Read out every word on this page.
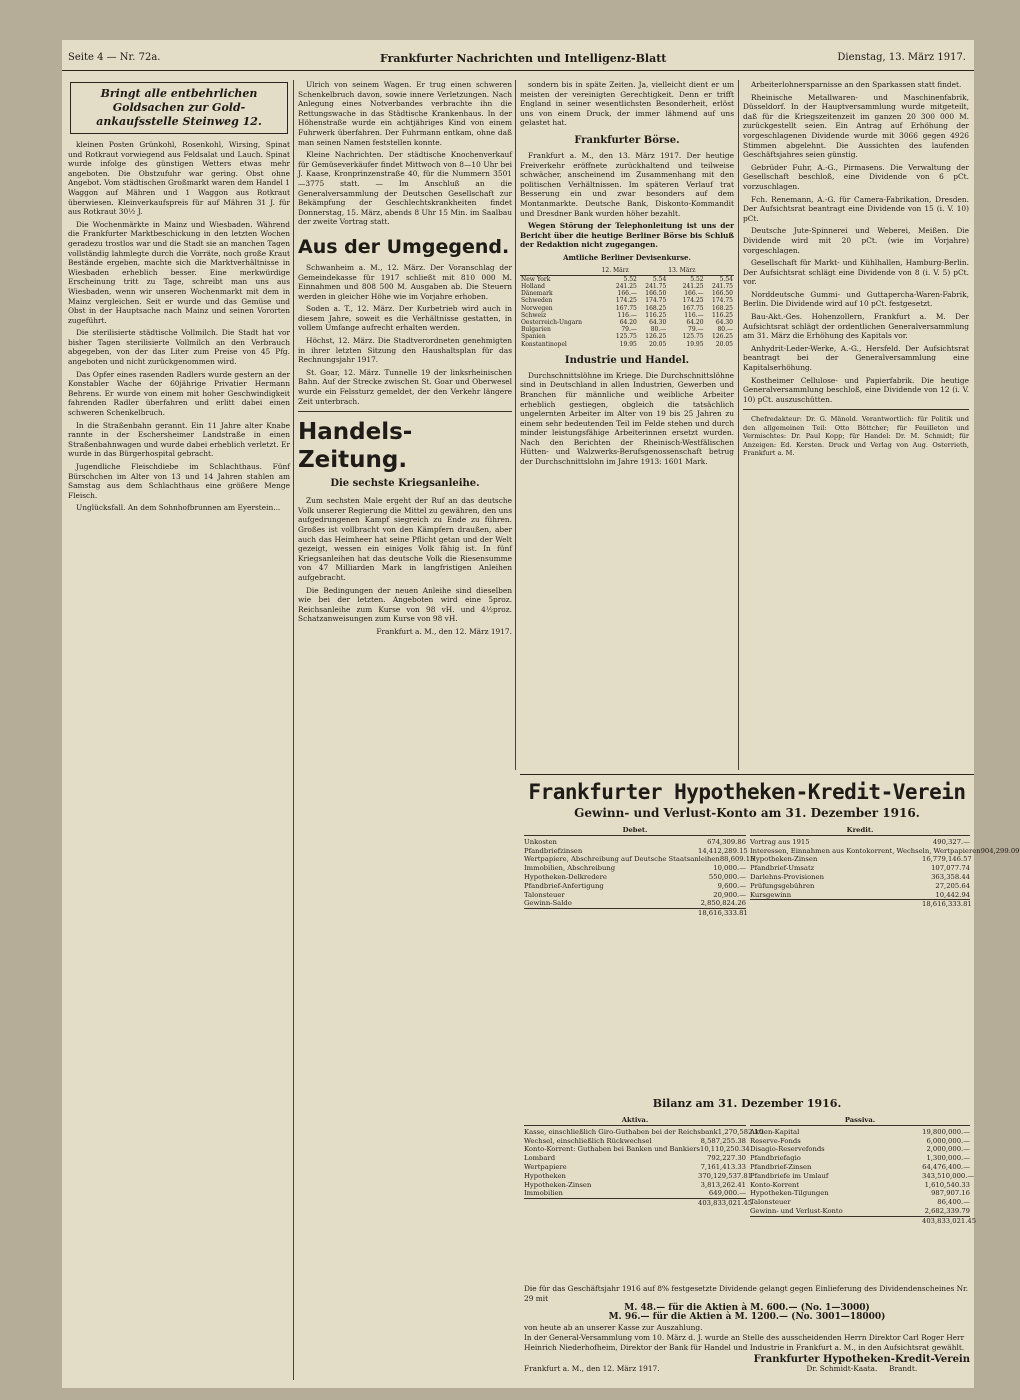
Seite 4 — Nr. 72a.	Frankfurter Nachrichten und Intelligenz-Blatt	Dienstag, 13. März 1917.
Bringt alle entbehrlichen Goldsachen zur Gold-ankaufsstelle Steinweg 12.

kleinen Posten Grünkohl, Rosenkohl, Wirsing, Spinat und Rotkraut vorwiegend aus Feldsalat und Lauch. Spinat wurde infolge des günstigen Wetters etwas mehr angeboten. Die Obstzufuhr war gering. Obst ohne Angebot. Vom städtischen Großmarkt waren dem Handel 1 Waggon auf Mähren und 1 Waggon aus Rotkraut überwiesen. Kleinverkaufspreis für auf Mähren 31 J. für aus Rotkraut 30½ J.

Die Wochenmärkte in Mainz und Wiesbaden. Während die Frankfurter Marktbeschickung in den letzten Wochen geradezu trostlos war und die Stadt sie an manchen Tagen vollständig lahmlegte durch die Vorräte, noch große Kraut Bestände ergeben, machte sich die Marktverhältnisse in Wiesbaden erheblich besser. Eine merkwürdige Erscheinung tritt zu Tage, schreibt man uns aus Wiesbaden, wenn wir unseren Wochenmarkt mit dem in Mainz vergleichen. Seit er wurde und das Gemüse und Obst in der Hauptsache nach Mainz und seinen Vororten zugeführt.

Die sterilisierte städtische Vollmilch. Die Stadt hat vor bisher Tagen sterilisierte Vollmilch an den Verbrauch abgegeben, von der das Liter zum Preise von 45 Pfg. angeboten und nicht zurückgenommen wird.

Das Opfer eines rasenden Radlers wurde gestern an der Konstabler Wache der 60jährige Privatier Hermann Behrens. Er wurde von einem mit hoher Geschwindigkeit fahrenden Radler überfahren und erlitt dabei einen schweren Schenkelbruch.

In die Straßenbahn gerannt. Ein 11 Jahre alter Knabe rannte in der Eschersheimer Landstraße in einen Straßenbahnwagen und wurde dabei erheblich verletzt. Er wurde in das Bürgerhospital gebracht.

Jugendliche Fleischdiebe im Schlachthaus. Fünf Bürschchen im Alter von 13 und 14 Jahren stahlen am Samstag aus dem Schlachthaus eine größere Menge Fleisch.

Unglücksfall. An dem Sohnhofbrunnen am Eyerstein...

Ulrich von seinem Wagen. Er trug einen schweren Schenkelbruch davon, sowie innere Verletzungen. Nach Anlegung eines Notverbandes verbrachte ihn die Rettungswache in das Städtische Krankenhaus. In der Höhenstraße wurde ein achtjähriges Kind von einem Fuhrwerk überfahren. Der Fuhrmann entkam, ohne daß man seinen Namen feststellen konnte.

Kleine Nachrichten. Der städtische Knochenverkauf für Gemüseverkäufer findet Mittwoch von 8—10 Uhr bei J. Kaase, Kronprinzenstraße 40, für die Nummern 3501—3775 statt. — Im Anschluß an die Generalversammlung der Deutschen Gesellschaft zur Bekämpfung der Geschlechtskrankheiten findet Donnerstag, 15. März, abends 8 Uhr 15 Min. im Saalbau der zweite Vortrag statt.

Aus der Umgegend.

Schwanheim a. M., 12. März. Der Voranschlag der Gemeindekasse für 1917 schließt mit 810 000 M. Einnahmen und 808 500 M. Ausgaben ab. Die Steuern werden in gleicher Höhe wie im Vorjahre erhoben.

Soden a. T., 12. März. Der Kurbetrieb wird auch in diesem Jahre, soweit es die Verhältnisse gestatten, in vollem Umfange aufrecht erhalten werden.

Höchst, 12. März. Die Stadtverordneten genehmigten in ihrer letzten Sitzung den Haushaltsplan für das Rechnungsjahr 1917.

St. Goar, 12. März. Tunnelle 19 der linksrheinischen Bahn. Auf der Strecke zwischen St. Goar und Oberwesel wurde ein Felssturz gemeldet, der den Verkehr längere Zeit unterbrach.

Handels-Zeitung.
Die sechste Kriegsanleihe.

Zum sechsten Male ergeht der Ruf an das deutsche Volk unserer Regierung die Mittel zu gewähren, den uns aufgedrungenen Kampf siegreich zu Ende zu führen. Großes ist vollbracht von den Kämpfern draußen, aber auch das Heimheer hat seine Pflicht getan und der Welt gezeigt, wessen ein einiges Volk fähig ist. In fünf Kriegsanleihen hat das deutsche Volk die Riesensumme von 47 Milliarden Mark in langfristigen Anleihen aufgebracht.

Die Bedingungen der neuen Anleihe sind dieselben wie bei der letzten. Angeboten wird eine 5proz. Reichsanleihe zum Kurse von 98 vH. und 4½proz. Schatzanweisungen zum Kurse von 98 vH.

Frankfurt a. M., den 12. März 1917.

sondern bis in späte Zeiten. Ja, vielleicht dient er um meisten der vereinigten Gerechtigkeit. Denn er trifft England in seiner wesentlichsten Besonderheit, erlöst uns von einem Druck, der immer lähmend auf uns gelastet hat.

Frankfurter Börse.

Frankfurt a. M., den 13. März 1917. Der heutige Freiverkehr eröffnete zurückhaltend und teilweise schwächer, anscheinend im Zusammenhang mit den politischen Verhältnissen. Im späteren Verlauf trat Besserung ein und zwar besonders auf dem Montanmarkte. Deutsche Bank, Diskonto-Kommandit und Dresdner Bank wurden höher bezahlt.

Wegen Störung der Telephonleitung ist uns der Bericht über die heutige Berliner Börse bis Schluß der Redaktion nicht zugegangen.

Amtliche Berliner Devisenkurse.
	12. März		13. März	
New York	5.52	5.54	5.52	5.54
Holland	241.25	241.75	241.25	241.75
Dänemark	166.—	166.50	166.—	166.50
Schweden	174.25	174.75	174.25	174.75
Norwegen	167.75	168.25	167.75	168.25
Schweiz	116.—	116.25	116.—	116.25
Oesterreich-Ungarn	64.20	64.30	64.20	64.30
Bulgarien	79.—	80.—	79.—	80.—
Spanien	125.75	126.25	125.75	126.25
Konstantinopel	19.95	20.05	19.95	20.05
Industrie und Handel.

Durchschnittslöhne im Kriege. Die Durchschnittslöhne sind in Deutschland in allen Industrien, Gewerben und Branchen für männliche und weibliche Arbeiter erheblich gestiegen, obgleich die tatsächlich ungelernten Arbeiter im Alter von 19 bis 25 Jahren zu einem sehr bedeutenden Teil im Felde stehen und durch minder leistungsfähige Arbeiterinnen ersetzt wurden. Nach den Berichten der Rheinisch-Westfälischen Hütten- und Walzwerks-Berufsgenossenschaft betrug der Durchschnittslohn im Jahre 1913: 1601 Mark.

Arbeiterlohnersparnisse an den Sparkassen statt findet.

Rheinische Metallwaren- und Maschinenfabrik, Düsseldorf. In der Hauptversammlung wurde mitgeteilt, daß für die Kriegszeitenzeit im ganzen 20 300 000 M. zurückgestellt seien. Ein Antrag auf Erhöhung der vorgeschlagenen Dividende wurde mit 3066 gegen 4926 Stimmen abgelehnt. Die Aussichten des laufenden Geschäftsjahres seien günstig.

Gebrüder Fuhr, A.-G., Pirmasens. Die Verwaltung der Gesellschaft beschloß, eine Dividende von 6 pCt. vorzuschlagen.

Fch. Renemann, A.-G. für Camera-Fabrikation, Dresden. Der Aufsichtsrat beantragt eine Dividende von 15 (i. V. 10) pCt.

Deutsche Jute-Spinnerei und Weberei, Meißen. Die Dividende wird mit 20 pCt. (wie im Vorjahre) vorgeschlagen.

Gesellschaft für Markt- und Kühlhallen, Hamburg-Berlin. Der Aufsichtsrat schlägt eine Dividende von 8 (i. V. 5) pCt. vor.

Norddeutsche Gummi- und Guttapercha-Waren-Fabrik, Berlin. Die Dividende wird auf 10 pCt. festgesetzt.

Bau-Akt.-Ges. Hohenzollern, Frankfurt a. M. Der Aufsichtsrat schlägt der ordentlichen Generalversammlung am 31. März die Erhöhung des Kapitals vor.

Anhydrit-Leder-Werke, A.-G., Hersfeld. Der Aufsichtsrat beantragt bei der Generalversammlung eine Kapitalserhöhung.

Kostheimer Cellulose- und Papierfabrik. Die heutige Generalversammlung beschloß, eine Dividende von 12 (i. V. 10) pCt. auszuschütten.

Chefredakteur: Dr. G. Mänold. Verantwortlich: für Politik und den allgemeinen Teil: Otto Böttcher; für Feuilleton und Vermischtes: Dr. Paul Kopp; für Handel: Dr. M. Schmidt; für Anzeigen: Ed. Kersten. Druck und Verlag von Aug. Osterrieth, Frankfurt a. M.

Frankfurter Hypotheken-Kredit-Verein
Gewinn- und Verlust-Konto am 31. Dezember 1916.
Debet.
Unkosten	674,309.86
Pfandbriefzinsen	14,412,289.15
Wertpapiere, Abschreibung auf Deutsche Staatsanleihen 88,609.15
Immobilien, Abschreibung	10,000.—
Hypotheken-Delkredere	550,000.—
Pfandbrief-Anfertigung	9,600.—
Talonsteuer	20,900.—
Gewinn-Saldo	2,850,824.26
18,616,333.81
Kredit.
Vortrag aus 1915	490,327.—
Interessen, Einnahmen aus Kontokorrent, Wechseln, Wertpapieren 904,299.09
Hypotheken-Zinsen	16,779,146.57
Pfandbrief-Umsatz	107,077.74
Darlehns-Provisionen	363,358.44
Prüfungsgebühren	27,205.64
Kursgewinn	10,442.94
18,616,333.81
Bilanz am 31. Dezember 1916.
Aktiva.
Kasse, einschließlich Giro-Guthaben bei der Reichsbank 1,270,582.10
Wechsel, einschließlich Rückwechsel	8,587,255.38
Konto-Korrent: Guthaben bei Banken und Bankiers 10,110,250.34
Lombard	792,227.30
Wertpapiere	7,161,413.33
Hypotheken	370,129,537.81
Hypotheken-Zinsen	3,813,262.41
Immobilien	649,000.—
403,833,021.45
Passiva.
Aktien-Kapital	19,800,000.—
Reserve-Fonds	6,000,000.—
Disagio-Reservefonds	2,000,000.—
Pfandbriefagio	1,300,000.—
Pfandbrief-Zinsen	64,476,400.—
Pfandbriefe im Umlauf	343,510,000.—
Konto-Korrent	1,610,540.33
Hypotheken-Tilgungen	987,907.16
Talonsteuer	86,400.—
Gewinn- und Verlust-Konto	2,682,339.79
403,833,021.45
Die für das Geschäftsjahr 1916 auf 8% festgesetzte Dividende gelangt gegen Einlieferung des Dividendenscheines Nr. 29 mit
M. 48.— für die Aktien à M. 600.— (No. 1—3000)
M. 96.— für die Aktien à M. 1200.— (No. 3001—18000)
von heute ab an unserer Kasse zur Auszahlung.
In der General-Versammlung vom 10. März d. J. wurde an Stelle des ausscheidenden Herrn Direktor Carl Roger Herr Heinrich Niederhofheim, Direktor der Bank für Handel und Industrie in Frankfurt a. M., in den Aufsichtsrat gewählt.
Frankfurt a. M., den 12. März 1917.
Frankfurter Hypotheken-Kredit-Verein
Dr. Schmidt-Kaata. Brandt.
